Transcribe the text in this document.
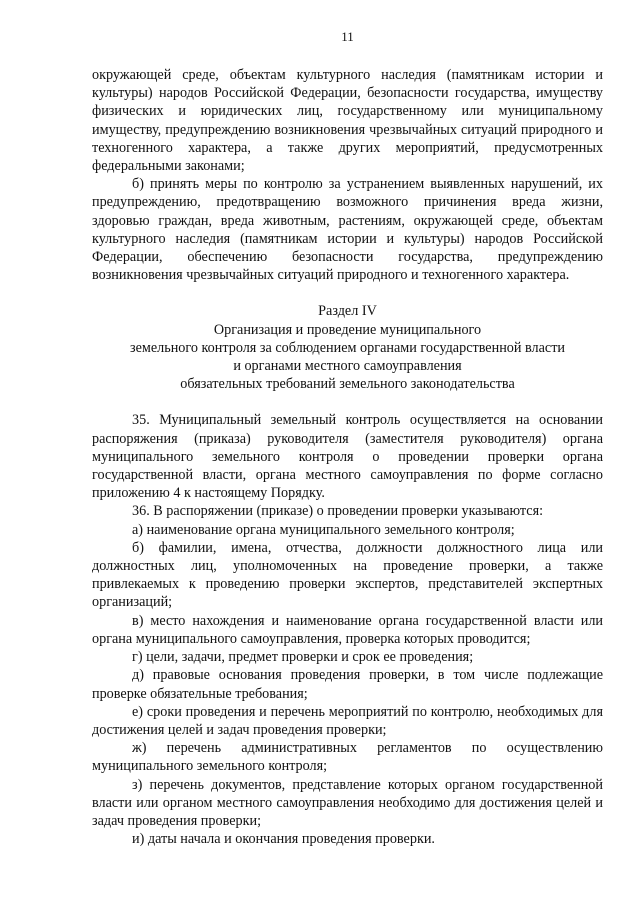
11

окружающей среде, объектам культурного наследия (памятникам истории и культуры) народов Российской Федерации, безопасности государства, имуществу физических и юридических лиц, государственному или муниципальному имуществу, предупреждению возникновения чрезвычайных ситуаций природного и техногенного характера, а также других мероприятий, предусмотренных федеральными законами;

б) принять меры по контролю за устранением выявленных нарушений, их предупреждению, предотвращению возможного причинения вреда жизни, здоровью граждан, вреда животным, растениям, окружающей среде, объектам культурного наследия (памятникам истории и культуры) народов Российской Федерации, обеспечению безопасности государства, предупреждению возникновения чрезвычайных ситуаций природного и техногенного характера.

Раздел IV
Организация и проведение муниципального
земельного контроля за соблюдением органами государственной власти
и органами местного самоуправления
обязательных требований земельного законодательства

35. Муниципальный земельный контроль осуществляется на основании распоряжения (приказа) руководителя (заместителя руководителя) органа муниципального земельного контроля о проведении проверки органа государственной власти, органа местного самоуправления по форме согласно приложению 4 к настоящему Порядку.

36. В распоряжении (приказе) о проведении проверки указываются:

а) наименование органа муниципального земельного контроля;

б) фамилии, имена, отчества, должности должностного лица или должностных лиц, уполномоченных на проведение проверки, а также привлекаемых к проведению проверки экспертов, представителей экспертных организаций;

в) место нахождения и наименование органа государственной власти или органа муниципального самоуправления, проверка которых проводится;

г) цели, задачи, предмет проверки и срок ее проведения;

д) правовые основания проведения проверки, в том числе подлежащие проверке обязательные требования;

е) сроки проведения и перечень мероприятий по контролю, необходимых для достижения целей и задач проведения проверки;

ж) перечень административных регламентов по осуществлению муниципального земельного контроля;

з) перечень документов, представление которых органом государственной власти или органом местного самоуправления необходимо для достижения целей и задач проведения проверки;

и) даты начала и окончания проведения проверки.
